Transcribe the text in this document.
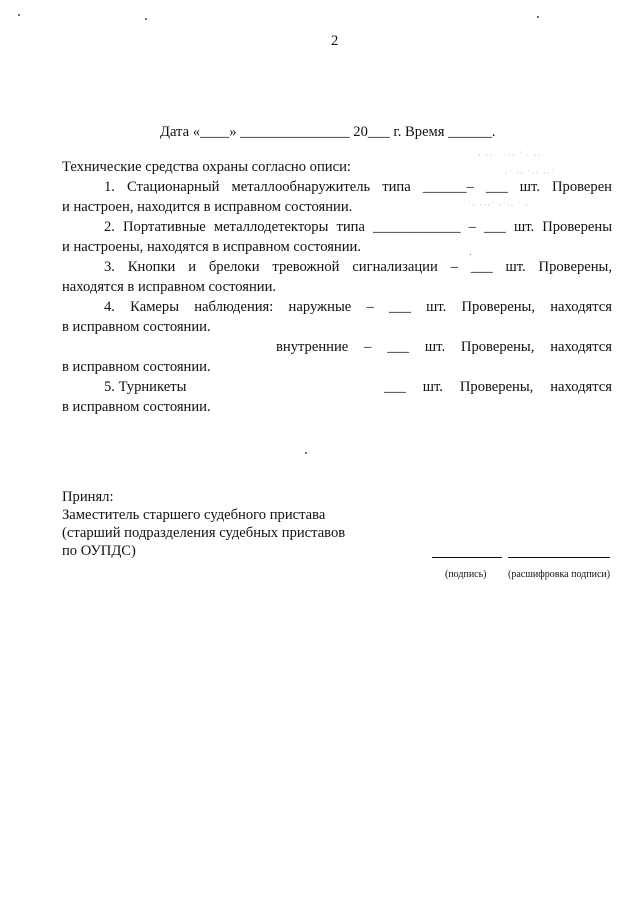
2
Дата «____» _______________ 20___ г. Время ______.
Технические средства охраны согласно описи:
1. Стационарный металлообнаружитель типа ______– ___ шт. Проверен
и настроен, находится в исправном состоянии.
2. Портативные металлодетекторы типа ____________ – ___ шт. Проверены
и настроены, находятся в исправном состоянии.
3. Кнопки и брелоки тревожной сигнализации – ___ шт. Проверены,
находятся в исправном состоянии.
4. Камеры наблюдения: наружные – ___ шт. Проверены, находятся
в исправном состоянии.
внутренние – ___ шт. Проверены, находятся
в исправном состоянии.
5. Турникеты	___ шт. Проверены, находятся
в исправном состоянии.
Принял:
Заместитель старшего судебного пристава
(старший подразделения судебных приставов
по ОУПДС)
(подпись) (расшифровка подписи)
· ·· ˙ ··· ˙ · ··
·˙ ·· ˙·· ··˙
˙· ···˙ ·˙·· ˙ ·
